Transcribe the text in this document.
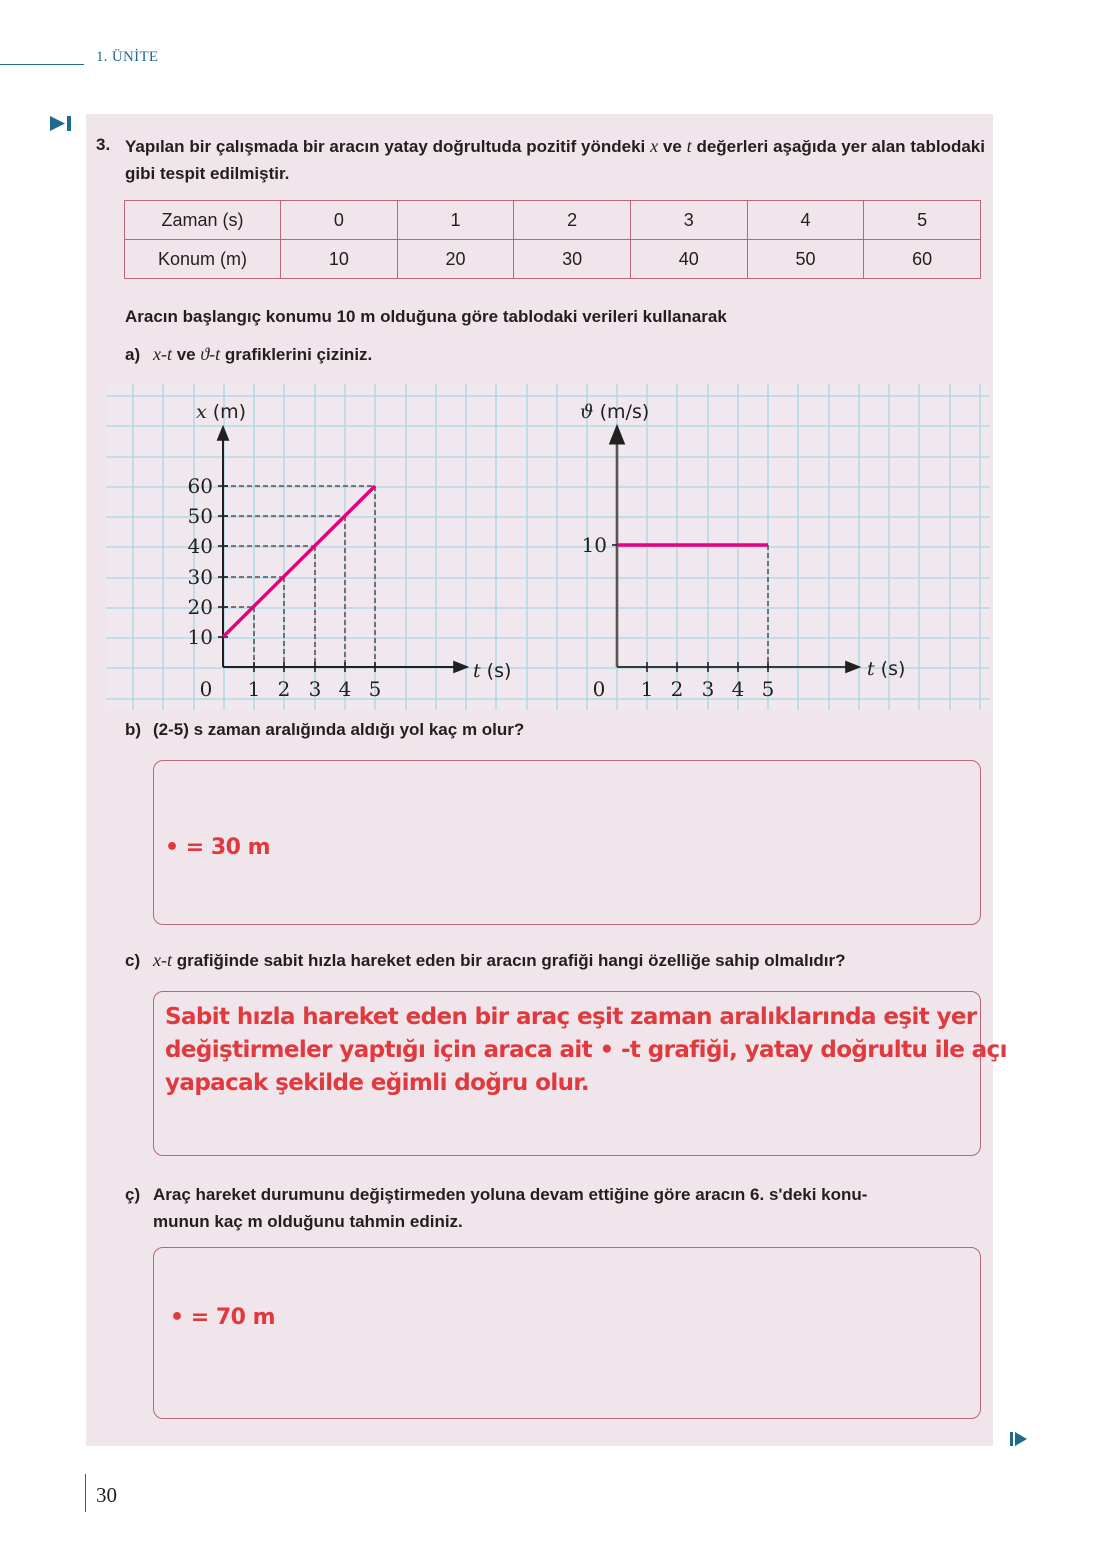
1. ÜNİTE
3. Yapılan bir çalışmada bir aracın yatay doğrultuda pozitif yöndeki x ve t değerleri aşağıda yer alan tablodaki gibi tespit edilmiştir.
Zaman (s)	0	1	2	3	4	5
Konum (m)	10	20	30	40	50	60
Aracın başlangıç konumu 10 m olduğuna göre tablodaki verileri kullanarak
a) x-t ve ϑ-t grafiklerini çiziniz.
60
50
40
30
20
10
0 1 2 3 4 5
x (m)
t (s)
10
0 1 2 3 4 5
ϑ (m/s)
t (s)
b) (2-5) s zaman aralığında aldığı yol kaç m olur?
• = 30 m
c) x-t grafiğinde sabit hızla hareket eden bir aracın grafiği hangi özelliğe sahip olmalıdır?
Sabit hızla hareket eden bir araç eşit zaman aralıklarında eşit yer
değiştirmeler yaptığı için araca ait • -t grafiği, yatay doğrultu ile açı
yapacak şekilde eğimli doğru olur.
ç) Araç hareket durumunu değiştirmeden yoluna devam ettiğine göre aracın 6. s'deki konu-
munun kaç m olduğunu tahmin ediniz.
• = 70 m
30
